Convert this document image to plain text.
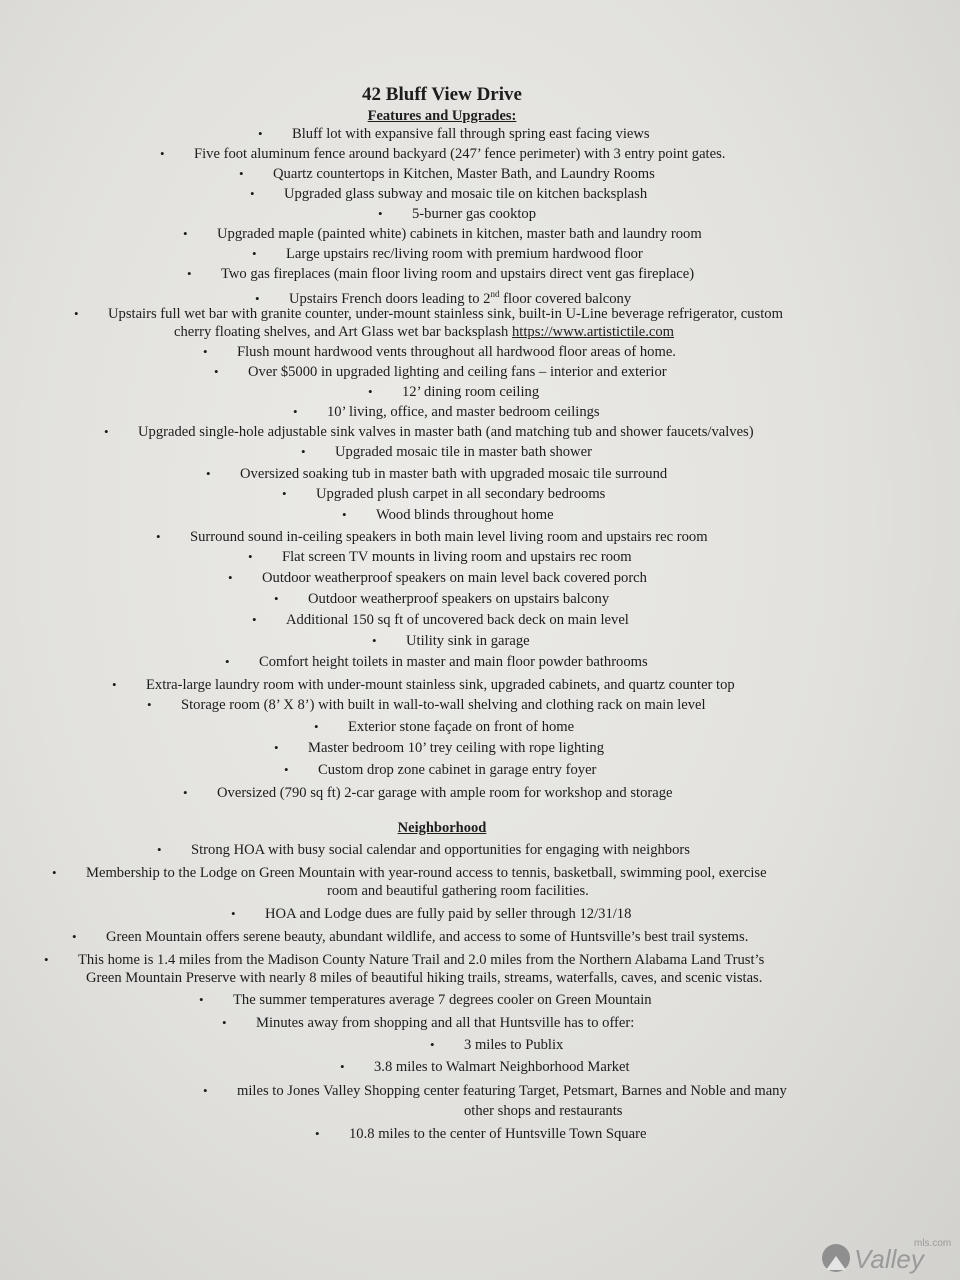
42 Bluff View Drive
Features and Upgrades:
• Bluff lot with expansive fall through spring east facing views
• Five foot aluminum fence around backyard (247’ fence perimeter) with 3 entry point gates.
• Quartz countertops in Kitchen, Master Bath, and Laundry Rooms
• Upgraded glass subway and mosaic tile on kitchen backsplash
• 5-burner gas cooktop
• Upgraded maple (painted white) cabinets in kitchen, master bath and laundry room
• Large upstairs rec/living room with premium hardwood floor
• Two gas fireplaces (main floor living room and upstairs direct vent gas fireplace)
• Upstairs French doors leading to 2nd floor covered balcony
• Upstairs full wet bar with granite counter, under-mount stainless sink, built-in U-Line beverage refrigerator, custom
cherry floating shelves, and Art Glass wet bar backsplash https://www.artistictile.com
• Flush mount hardwood vents throughout all hardwood floor areas of home.
• Over $5000 in upgraded lighting and ceiling fans – interior and exterior
• 12’ dining room ceiling
• 10’ living, office, and master bedroom ceilings
• Upgraded single-hole adjustable sink valves in master bath (and matching tub and shower faucets/valves)
• Upgraded mosaic tile in master bath shower
• Oversized soaking tub in master bath with upgraded mosaic tile surround
• Upgraded plush carpet in all secondary bedrooms
• Wood blinds throughout home
• Surround sound in-ceiling speakers in both main level living room and upstairs rec room
• Flat screen TV mounts in living room and upstairs rec room
• Outdoor weatherproof speakers on main level back covered porch
• Outdoor weatherproof speakers on upstairs balcony
• Additional 150 sq ft of uncovered back deck on main level
• Utility sink in garage
• Comfort height toilets in master and main floor powder bathrooms
• Extra-large laundry room with under-mount stainless sink, upgraded cabinets, and quartz counter top
• Storage room (8’ X 8’) with built in wall-to-wall shelving and clothing rack on main level
• Exterior stone façade on front of home
• Master bedroom 10’ trey ceiling with rope lighting
• Custom drop zone cabinet in garage entry foyer
• Oversized (790 sq ft) 2-car garage with ample room for workshop and storage
Neighborhood
• Strong HOA with busy social calendar and opportunities for engaging with neighbors
• Membership to the Lodge on Green Mountain with year-round access to tennis, basketball, swimming pool, exercise
room and beautiful gathering room facilities.
• HOA and Lodge dues are fully paid by seller through 12/31/18
• Green Mountain offers serene beauty, abundant wildlife, and access to some of Huntsville’s best trail systems.
• This home is 1.4 miles from the Madison County Nature Trail and 2.0 miles from the Northern Alabama Land Trust’s
Green Mountain Preserve with nearly 8 miles of beautiful hiking trails, streams, waterfalls, caves, and scenic vistas.
• The summer temperatures average 7 degrees cooler on Green Mountain
• Minutes away from shopping and all that Huntsville has to offer:
• 3 miles to Publix
• 3.8 miles to Walmart Neighborhood Market
• miles to Jones Valley Shopping center featuring Target, Petsmart, Barnes and Noble and many
other shops and restaurants
• 10.8 miles to the center of Huntsville Town Square
Valley
mls.com
